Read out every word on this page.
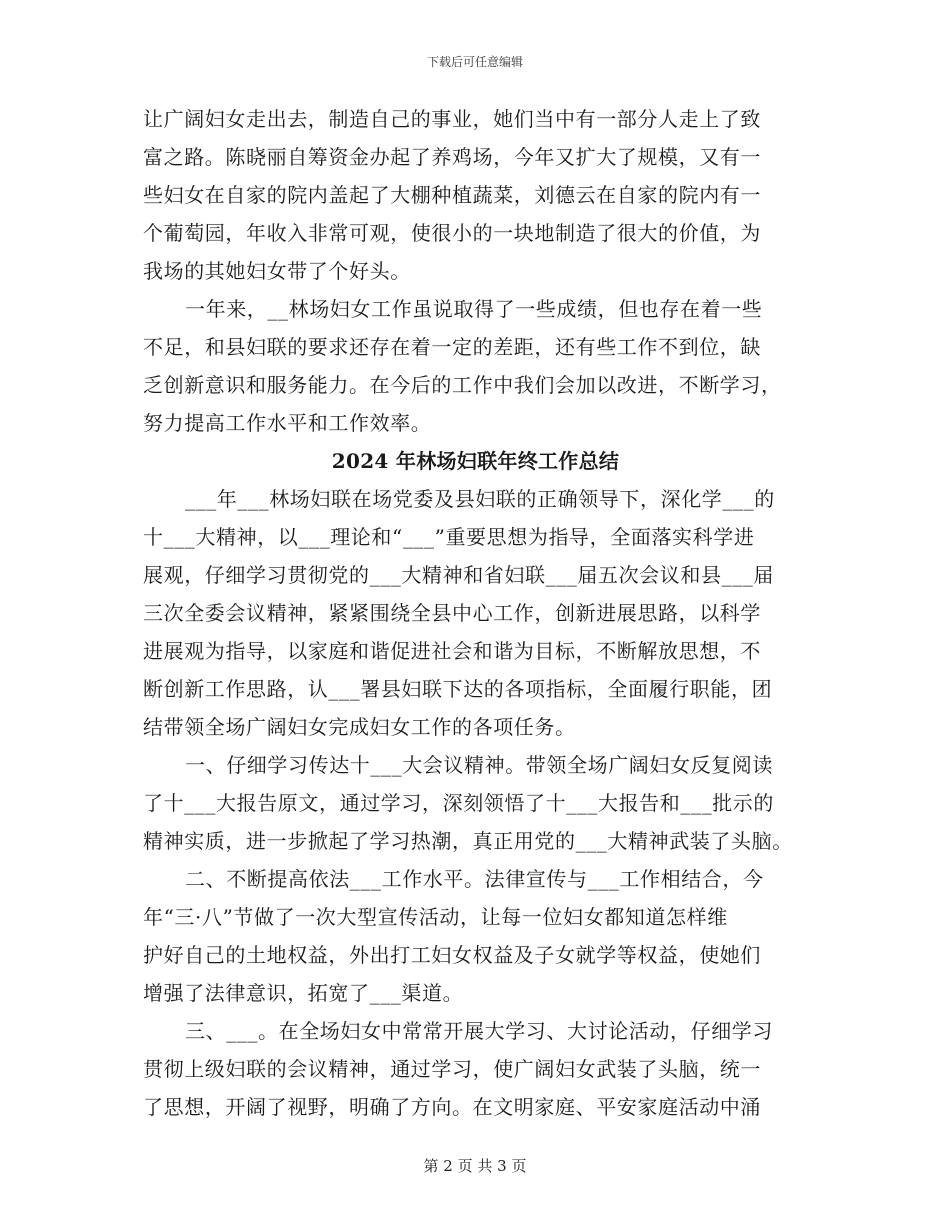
下载后可任意编辑
让广阔妇女走出去，制造自己的事业，她们当中有一部分人走上了致
富之路。陈晓丽自筹资金办起了养鸡场，今年又扩大了规模，又有一
些妇女在自家的院内盖起了大棚种植蔬菜，刘德云在自家的院内有一
个葡萄园，年收入非常可观，使很小的一块地制造了很大的价值，为
我场的其她妇女带了个好头。
一年来，__林场妇女工作虽说取得了一些成绩，但也存在着一些
不足，和县妇联的要求还存在着一定的差距，还有些工作不到位，缺
乏创新意识和服务能力。在今后的工作中我们会加以改进，不断学习，
努力提高工作水平和工作效率。
2024 年林场妇联年终工作总结
___年___林场妇联在场党委及县妇联的正确领导下，深化学___的
十___大精神，以___理论和“___”重要思想为指导，全面落实科学进
展观，仔细学习贯彻党的___大精神和省妇联___届五次会议和县___届
三次全委会议精神，紧紧围绕全县中心工作，创新进展思路，以科学
进展观为指导，以家庭和谐促进社会和谐为目标，不断解放思想，不
断创新工作思路，认___署县妇联下达的各项指标，全面履行职能，团
结带领全场广阔妇女完成妇女工作的各项任务。
一、仔细学习传达十___大会议精神。带领全场广阔妇女反复阅读
了十___大报告原文，通过学习，深刻领悟了十___大报告和___批示的
精神实质，进一步掀起了学习热潮，真正用党的___大精神武装了头脑。
二、不断提高依法___工作水平。法律宣传与___工作相结合，今
年“三·八”节做了一次大型宣传活动，让每一位妇女都知道怎样维
护好自己的土地权益，外出打工妇女权益及子女就学等权益，使她们
增强了法律意识，拓宽了___渠道。
三、___。在全场妇女中常常开展大学习、大讨论活动，仔细学习
贯彻上级妇联的会议精神，通过学习，使广阔妇女武装了头脑，统一
了思想，开阔了视野，明确了方向。在文明家庭、平安家庭活动中涌
第 2 页 共 3 页
